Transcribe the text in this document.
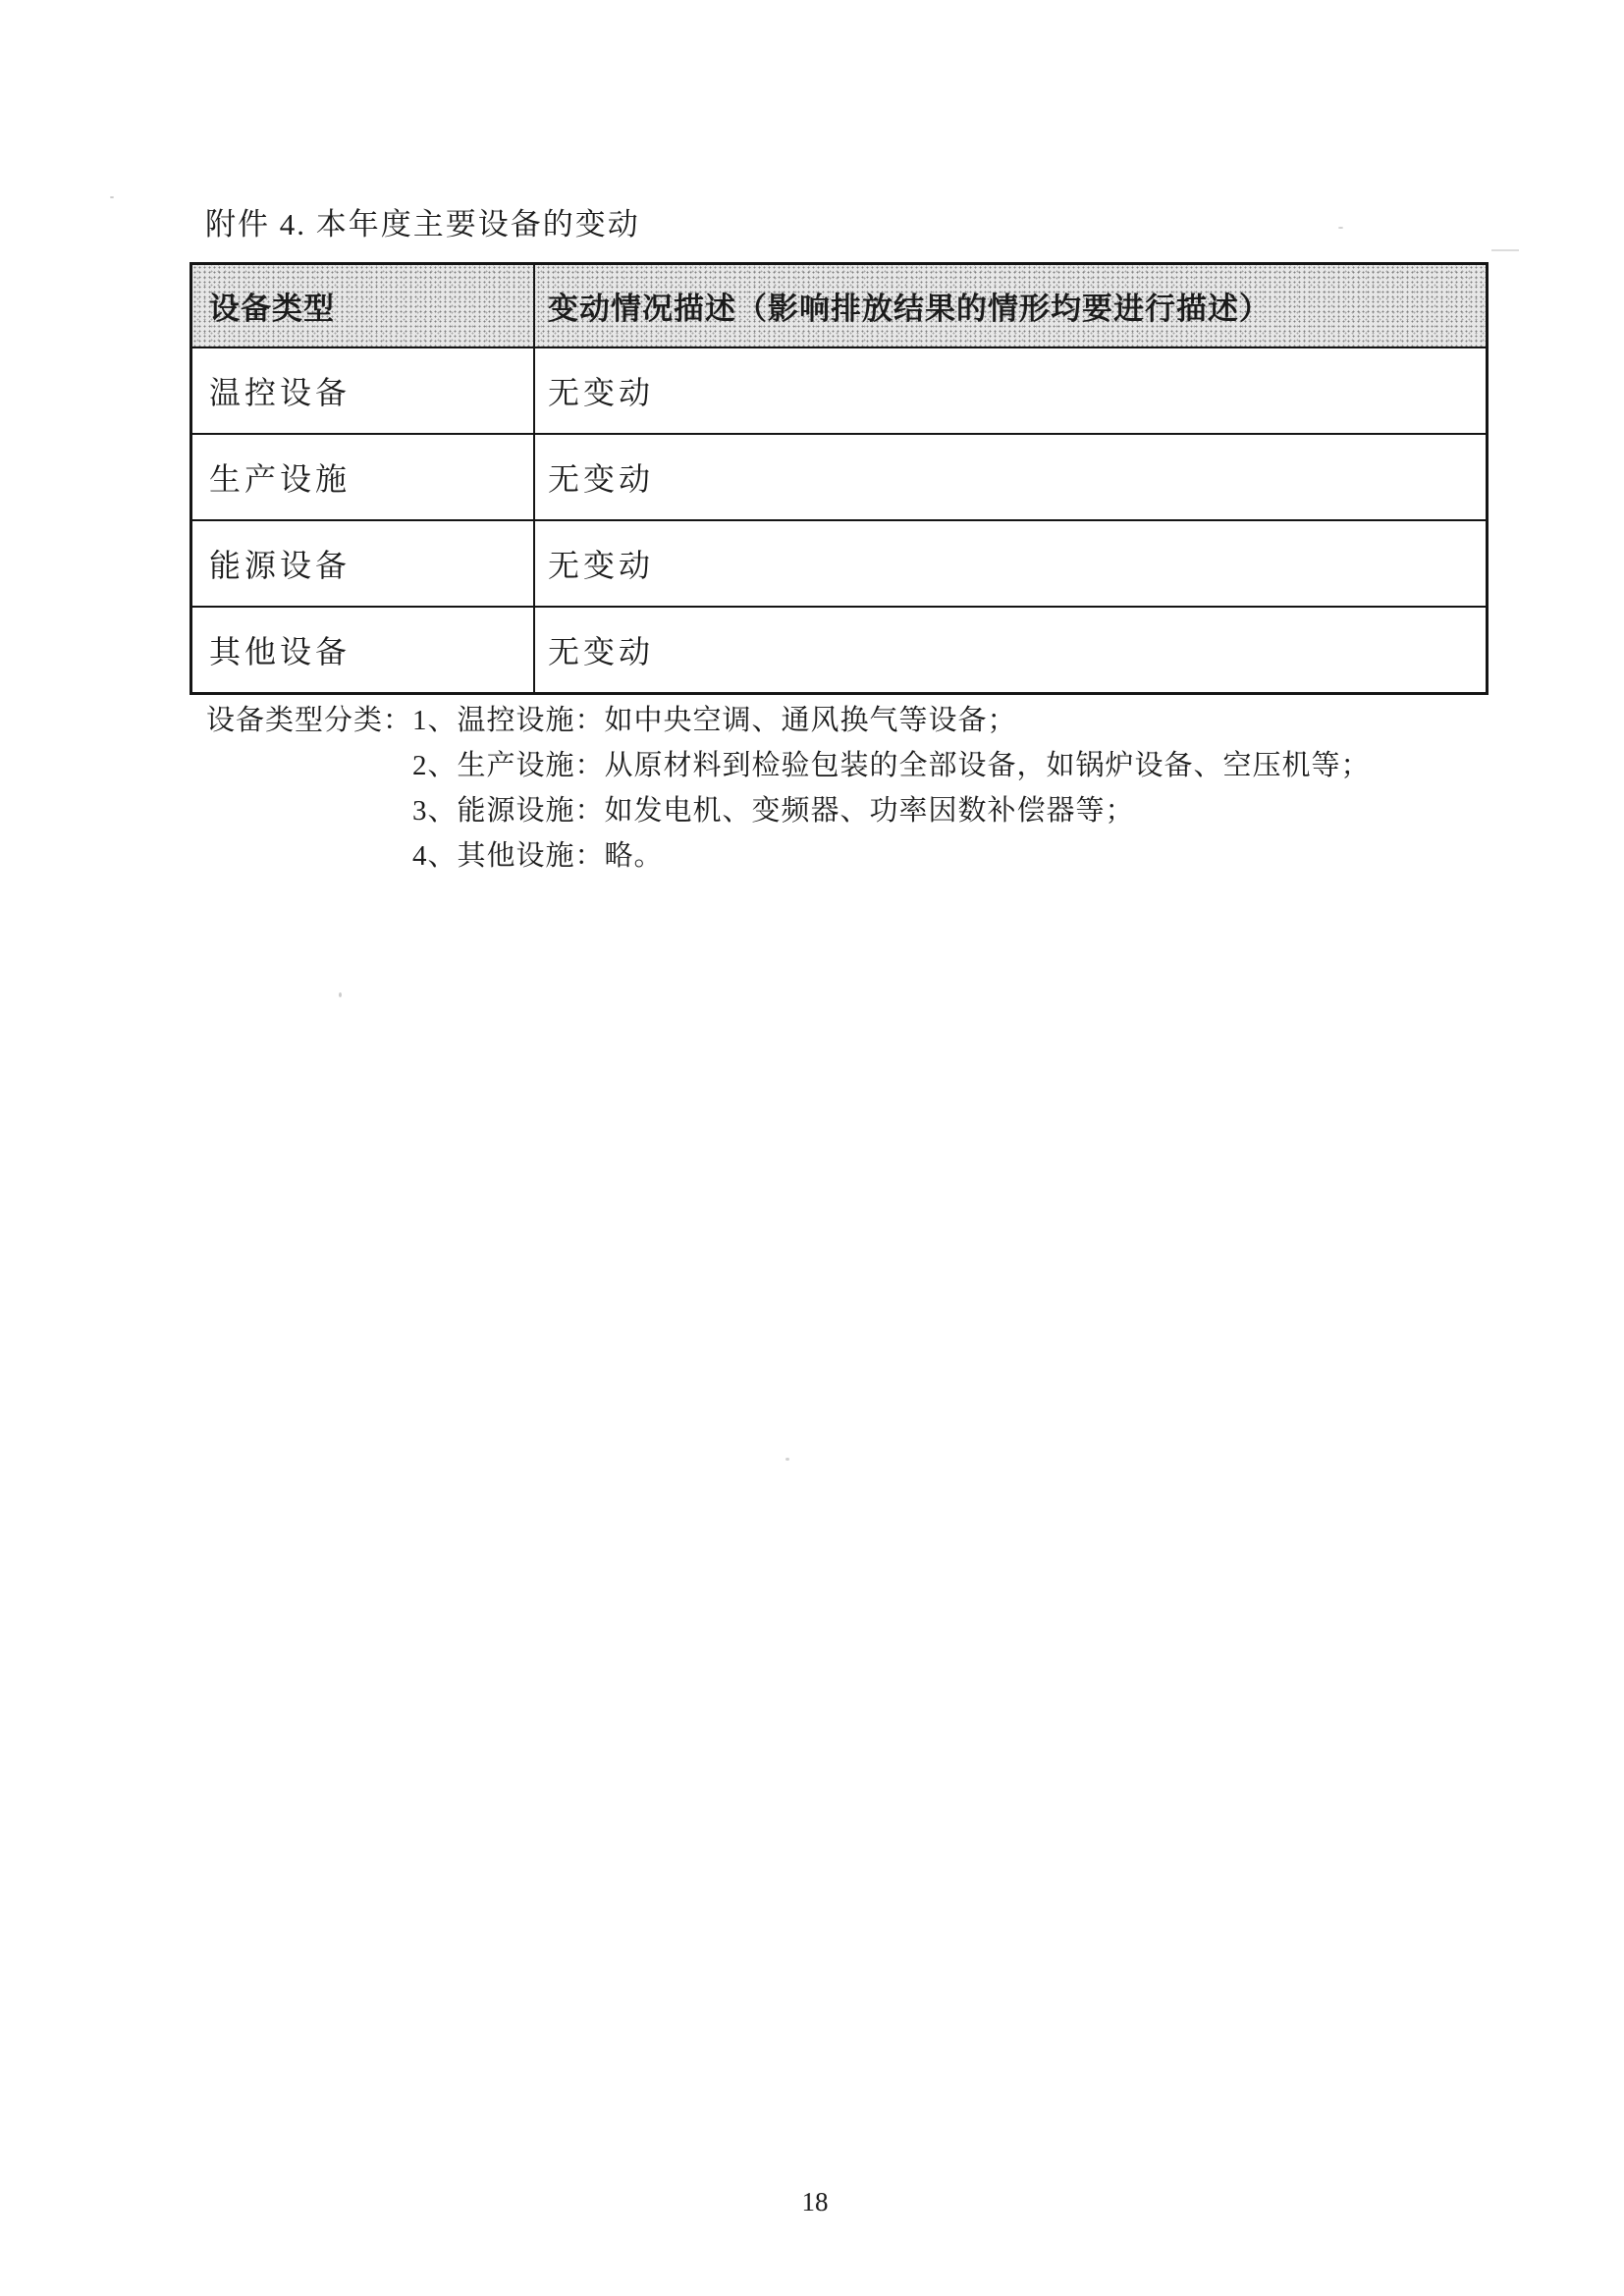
附件 4. 本年度主要设备的变动
设备类型	变动情况描述（影响排放结果的情形均要进行描述）
温控设备	无变动
生产设施	无变动
能源设备	无变动
其他设备	无变动
设备类型分类： 1、温控设施：如中央空调、通风换气等设备；
2、生产设施：从原材料到检验包装的全部设备，如锅炉设备、空压机等；
3、能源设施：如发电机、变频器、功率因数补偿器等；
4、其他设施：略。
18
